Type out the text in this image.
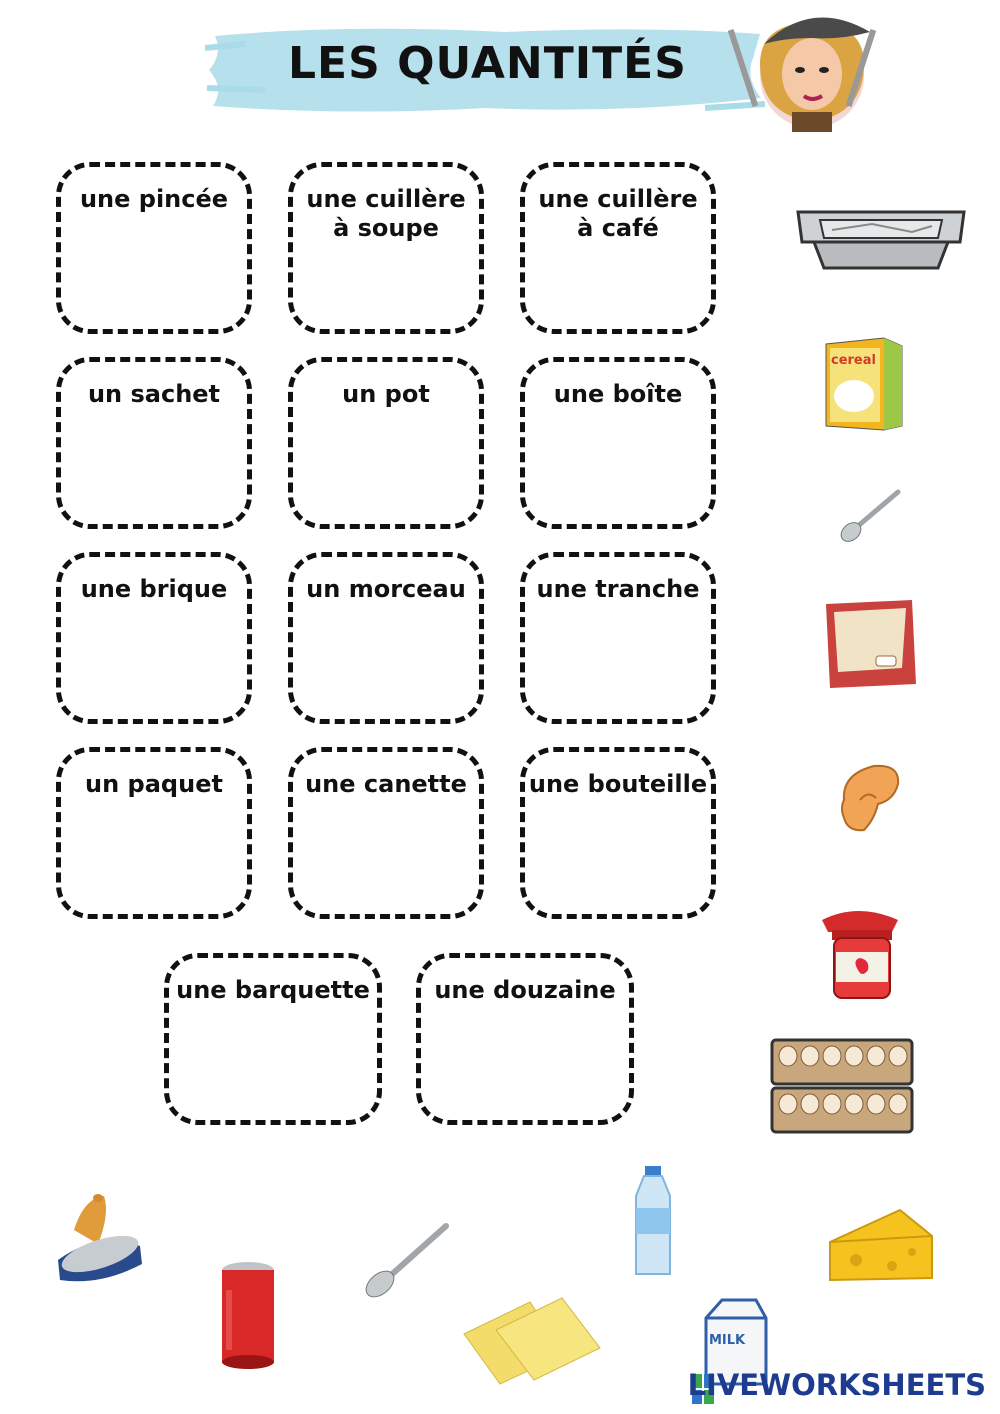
LES QUANTITÉS
une pincée	une cuillère
à soupe
une cuillère
à café
un sachet	un pot	une boîte
une brique	un morceau	une tranche
un paquet	une canette	une bouteille
une barquette	une douzaine
cereal
MILK
LIVEWORKSHEETS
